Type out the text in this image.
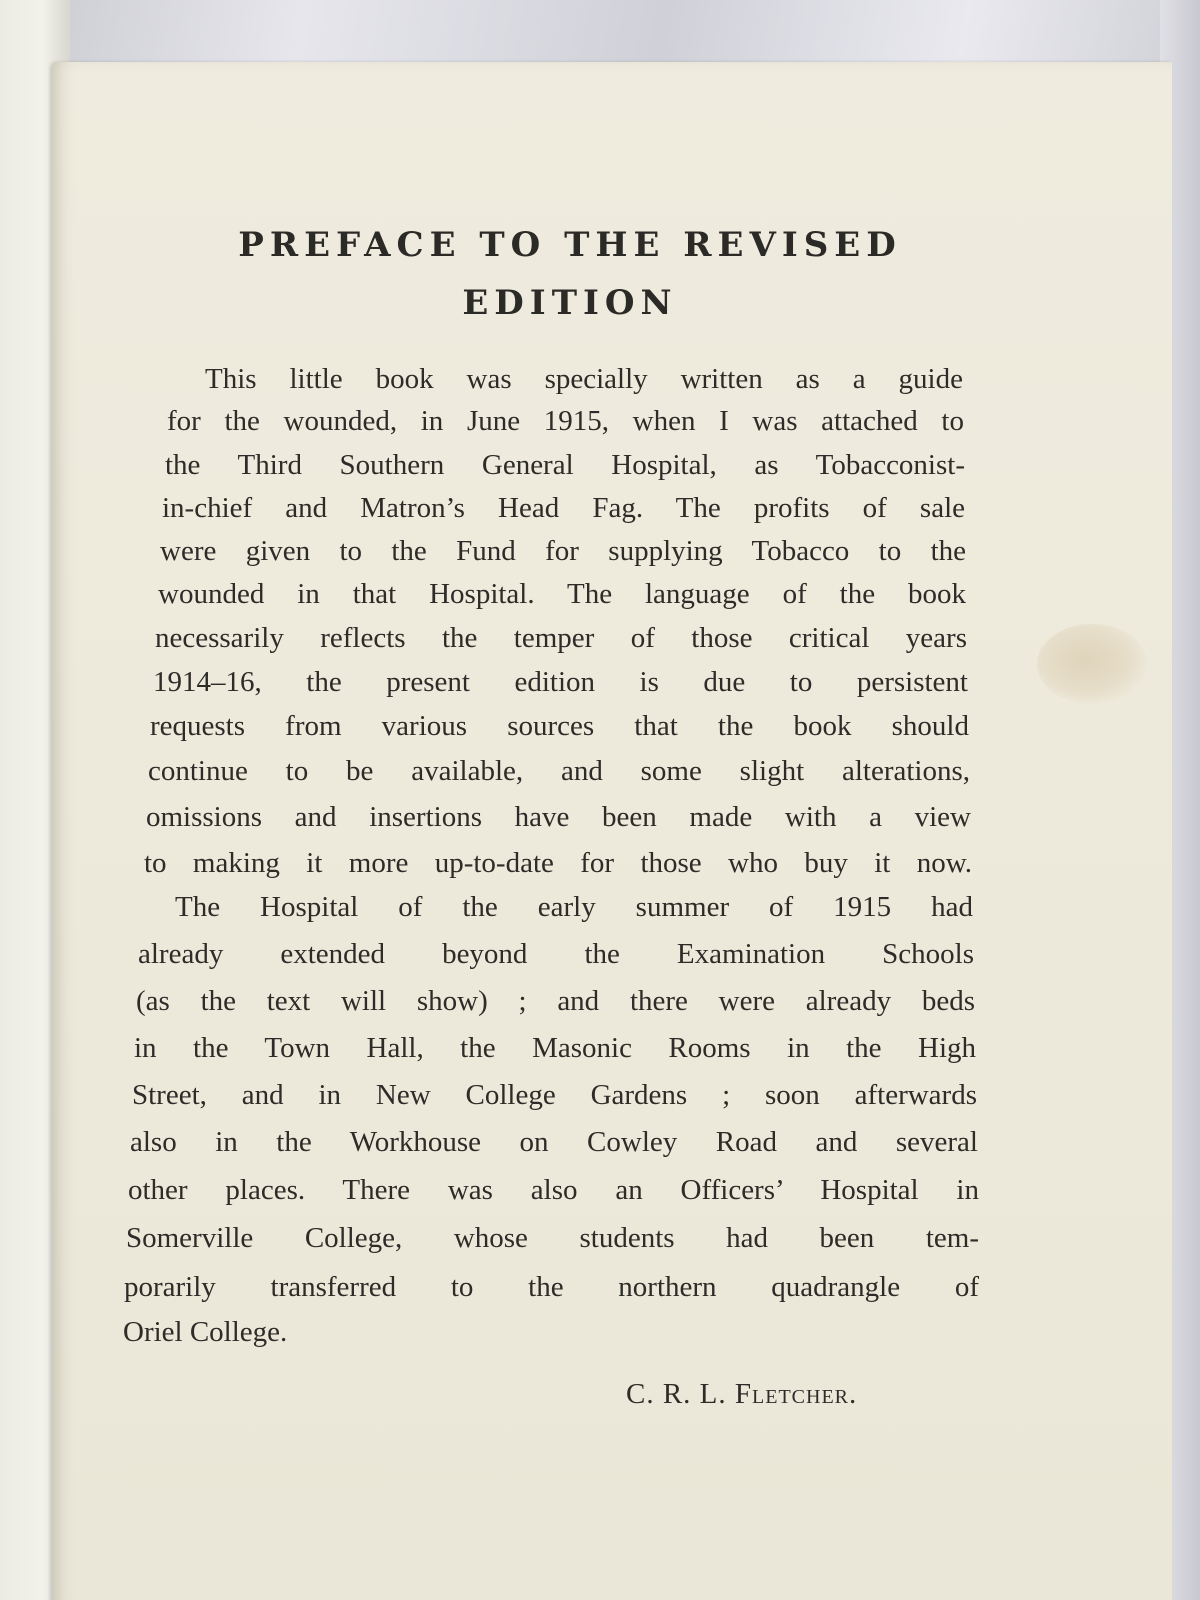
PREFACE TO THE REVISED
EDITION
This little book was specially written as a guide
for the wounded, in June 1915, when I was attached to
the Third Southern General Hospital, as Tobacconist-
in-chief and Matron’s Head Fag. The profits of sale
were given to the Fund for supplying Tobacco to the
wounded in that Hospital. The language of the book
necessarily reflects the temper of those critical years
1914–16, the present edition is due to persistent
requests from various sources that the book should
continue to be available, and some slight alterations,
omissions and insertions have been made with a view
to making it more up-to-date for those who buy it now.
The Hospital of the early summer of 1915 had
already extended beyond the Examination Schools
(as the text will show) ; and there were already beds
in the Town Hall, the Masonic Rooms in the High
Street, and in New College Gardens ; soon afterwards
also in the Workhouse on Cowley Road and several
other places. There was also an Officers’ Hospital in
Somerville College, whose students had been tem-
porarily transferred to the northern quadrangle of
Oriel College.
C. R. L. Fletcher.
